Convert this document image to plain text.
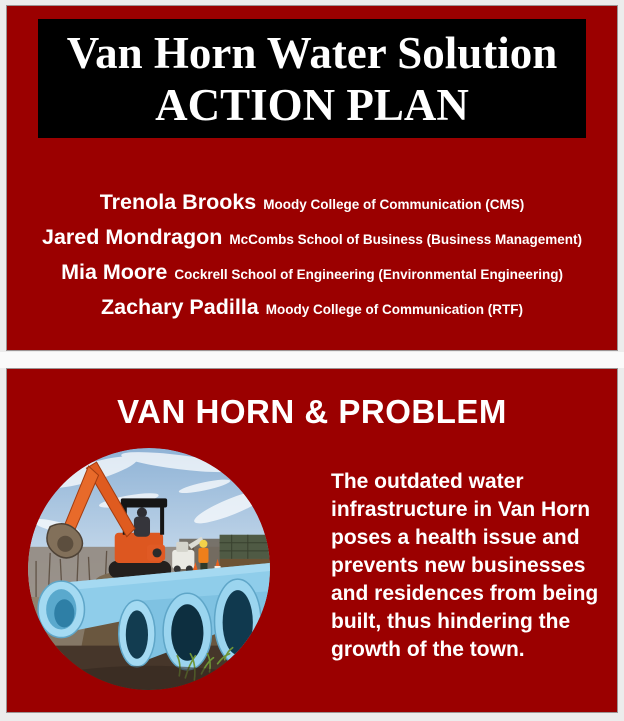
Van Horn Water Solution
ACTION PLAN
Trenola Brooks Moody College of Communication (CMS)
Jared Mondragon McCombs School of Business (Business Management)
Mia Moore Cockrell School of Engineering (Environmental Engineering)
Zachary Padilla Moody College of Communication (RTF)
VAN HORN & PROBLEM
The outdated water
infrastructure in Van Horn
poses a health issue and
prevents new businesses
and residences from being
built, thus hindering the
growth of the town.
